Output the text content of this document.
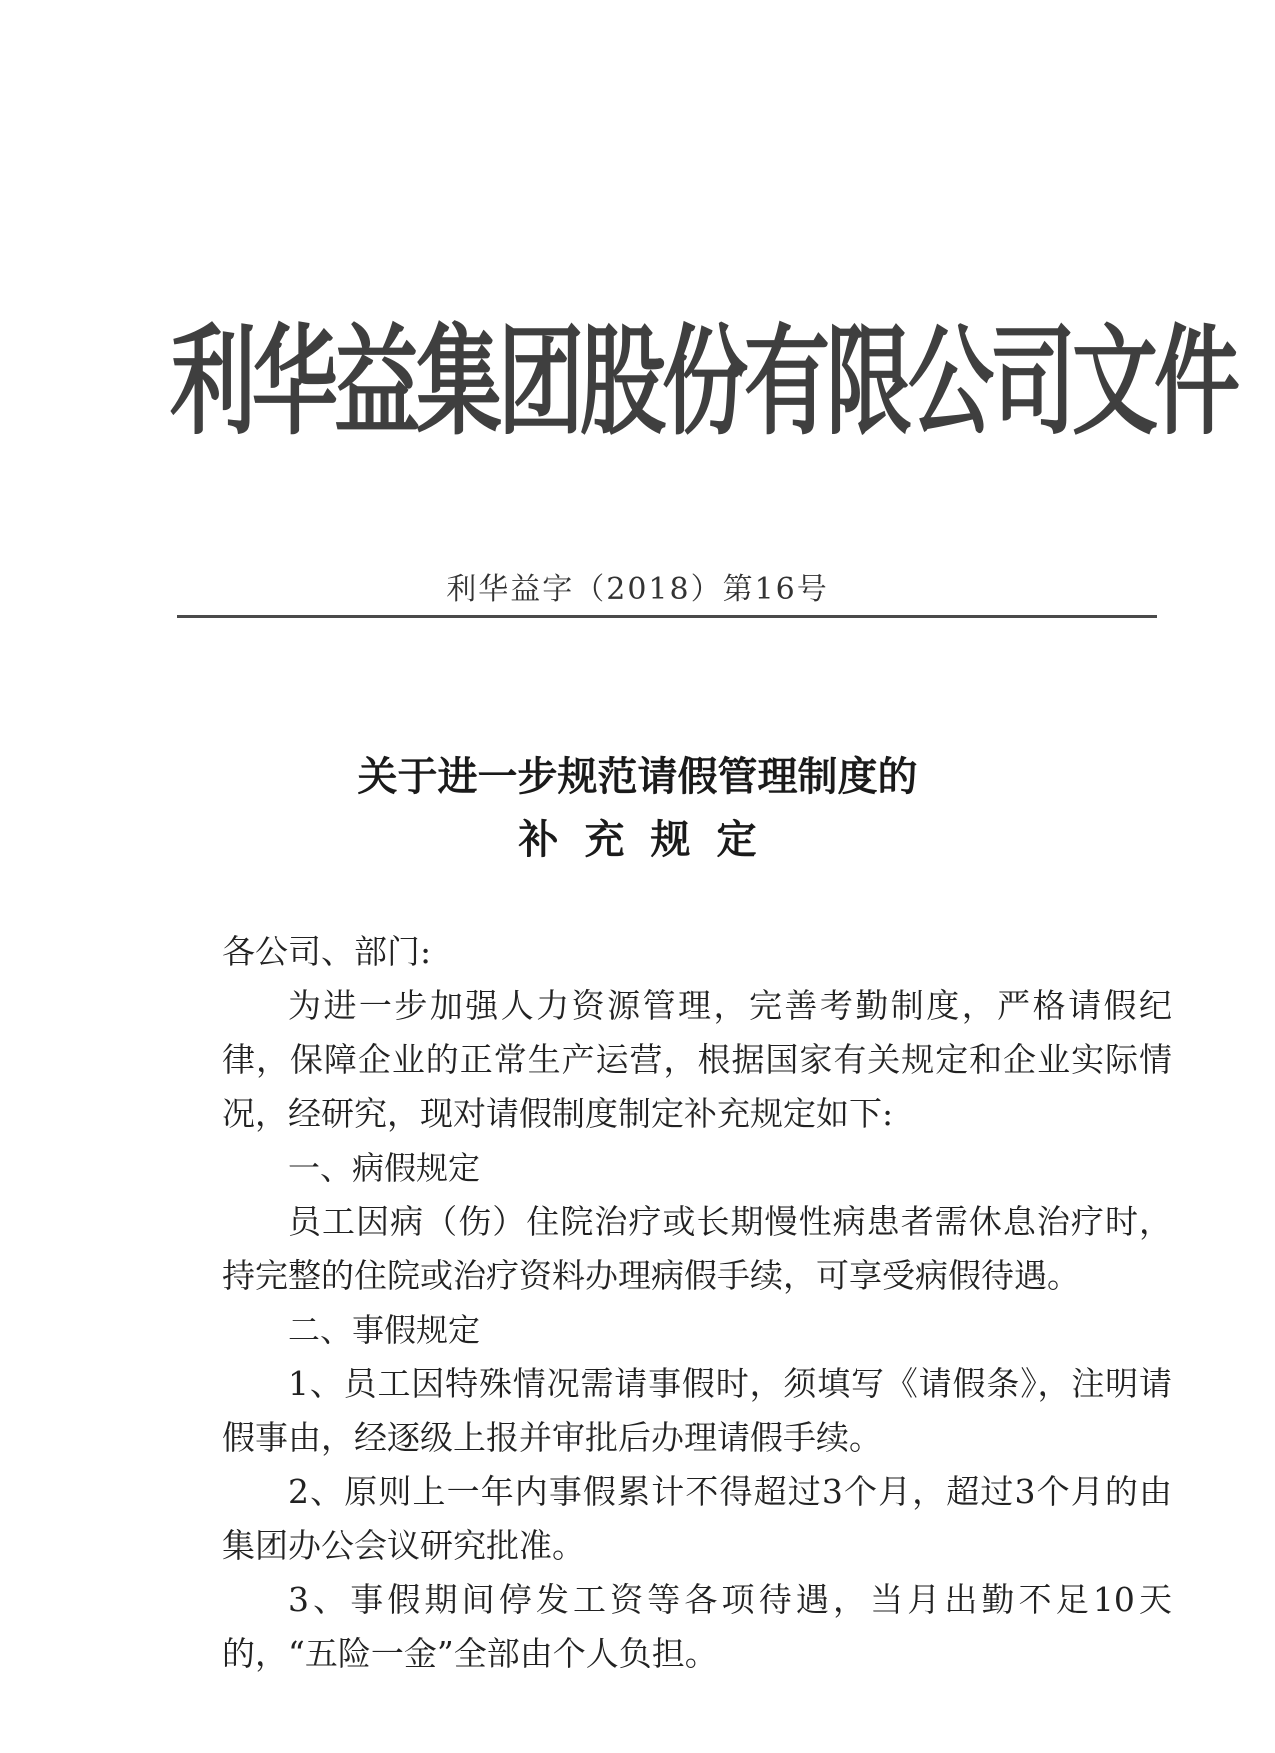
利华益集团股份有限公司文件
利华益字（2018）第16号
关于进一步规范请假管理制度的
补充规定

各公司、部门:

为进一步加强人力资源管理，完善考勤制度，严格请假纪律，保障企业的正常生产运营，根据国家有关规定和企业实际情况，经研究，现对请假制度制定补充规定如下:

一、病假规定

员工因病（伤）住院治疗或长期慢性病患者需休息治疗时，持完整的住院或治疗资料办理病假手续，可享受病假待遇。

二、事假规定

1、员工因特殊情况需请事假时，须填写《请假条》，注明请假事由，经逐级上报并审批后办理请假手续。

2、原则上一年内事假累计不得超过3个月，超过3个月的由集团办公会议研究批准。

3、事假期间停发工资等各项待遇，当月出勤不足10天的，“五险一金”全部由个人负担。
